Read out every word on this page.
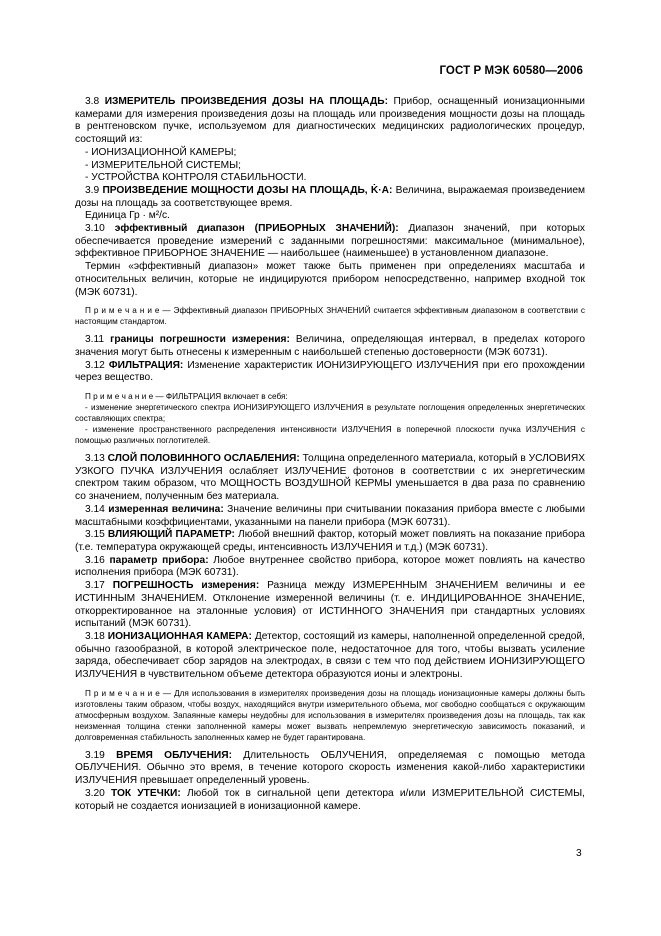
ГОСТ Р МЭК 60580—2006

3.8 ИЗМЕРИТЕЛЬ ПРОИЗВЕДЕНИЯ ДОЗЫ НА ПЛОЩАДЬ: Прибор, оснащенный ионизационными камерами для измерения произведения дозы на площадь или произведения мощности дозы на площадь в рентгеновском пучке, используемом для диагностических медицинских радиологических процедур, состоящий из:

- ИОНИЗАЦИОННОЙ КАМЕРЫ;

- ИЗМЕРИТЕЛЬНОЙ СИСТЕМЫ;

- УСТРОЙСТВА КОНТРОЛЯ СТАБИЛЬНОСТИ.

3.9 ПРОИЗВЕДЕНИЕ МОЩНОСТИ ДОЗЫ НА ПЛОЩАДЬ, K̇·A: Величина, выражаемая произведением дозы на площадь за соответствующее время.

Единица Гр · м²/с.

3.10 эффективный диапазон (ПРИБОРНЫХ ЗНАЧЕНИЙ): Диапазон значений, при которых обеспечивается проведение измерений с заданными погрешностями: максимальное (минимальное), эффективное ПРИБОРНОЕ ЗНАЧЕНИЕ — наибольшее (наименьшее) в установленном диапазоне.

Термин «эффективный диапазон» может также быть применен при определениях масштаба и относительных величин, которые не индицируются прибором непосредственно, например входной ток (МЭК 60731).

П р и м е ч а н и е — Эффективный диапазон ПРИБОРНЫХ ЗНАЧЕНИЙ считается эффективным диапазоном в соответствии с настоящим стандартом.

3.11 границы погрешности измерения: Величина, определяющая интервал, в пределах которого значения могут быть отнесены к измеренным с наибольшей степенью достоверности (МЭК 60731).

3.12 ФИЛЬТРАЦИЯ: Изменение характеристик ИОНИЗИРУЮЩЕГО ИЗЛУЧЕНИЯ при его прохождении через вещество.

П р и м е ч а н и е — ФИЛЬТРАЦИЯ включает в себя:

- изменение энергетического спектра ИОНИЗИРУЮЩЕГО ИЗЛУЧЕНИЯ в результате поглощения определенных энергетических составляющих спектра;

- изменение пространственного распределения интенсивности ИЗЛУЧЕНИЯ в поперечной плоскости пучка ИЗЛУЧЕНИЯ с помощью различных поглотителей.

3.13 СЛОЙ ПОЛОВИННОГО ОСЛАБЛЕНИЯ: Толщина определенного материала, который в УСЛОВИЯХ УЗКОГО ПУЧКА ИЗЛУЧЕНИЯ ослабляет ИЗЛУЧЕНИЕ фотонов в соответствии с их энергетическим спектром таким образом, что МОЩНОСТЬ ВОЗДУШНОЙ КЕРМЫ уменьшается в два раза по сравнению со значением, полученным без материала.

3.14 измеренная величина: Значение величины при считывании показания прибора вместе с любыми масштабными коэффициентами, указанными на панели прибора (МЭК 60731).

3.15 ВЛИЯЮЩИЙ ПАРАМЕТР: Любой внешний фактор, который может повлиять на показание прибора (т.е. температура окружающей среды, интенсивность ИЗЛУЧЕНИЯ и т.д.) (МЭК 60731).

3.16 параметр прибора: Любое внутреннее свойство прибора, которое может повлиять на качество исполнения прибора (МЭК 60731).

3.17 ПОГРЕШНОСТЬ измерения: Разница между ИЗМЕРЕННЫМ ЗНАЧЕНИЕМ величины и ее ИСТИННЫМ ЗНАЧЕНИЕМ. Отклонение измеренной величины (т. е. ИНДИЦИРОВАННОЕ ЗНАЧЕНИЕ, откорректированное на эталонные условия) от ИСТИННОГО ЗНАЧЕНИЯ при стандартных условиях испытаний (МЭК 60731).

3.18 ИОНИЗАЦИОННАЯ КАМЕРА: Детектор, состоящий из камеры, наполненной определенной средой, обычно газообразной, в которой электрическое поле, недостаточное для того, чтобы вызвать усиление заряда, обеспечивает сбор зарядов на электродах, в связи с тем что под действием ИОНИЗИРУЮЩЕГО ИЗЛУЧЕНИЯ в чувствительном объеме детектора образуются ионы и электроны.

П р и м е ч а н и е — Для использования в измерителях произведения дозы на площадь ионизационные камеры должны быть изготовлены таким образом, чтобы воздух, находящийся внутри измерительного объема, мог свободно сообщаться с окружающим атмосферным воздухом. Запаянные камеры неудобны для использования в измерителях произведения дозы на площадь, так как неизменная толщина стенки заполненной камеры может вызвать непремлемую энергетическую зависимость показаний, и долговременная стабильность заполненных камер не будет гарантирована.

3.19 ВРЕМЯ ОБЛУЧЕНИЯ: Длительность ОБЛУЧЕНИЯ, определяемая с помощью метода ОБЛУЧЕНИЯ. Обычно это время, в течение которого скорость изменения какой-либо характеристики ИЗЛУЧЕНИЯ превышает определенный уровень.

3.20 ТОК УТЕЧКИ: Любой ток в сигнальной цепи детектора и/или ИЗМЕРИТЕЛЬНОЙ СИСТЕМЫ, который не создается ионизацией в ионизационной камере.

3
